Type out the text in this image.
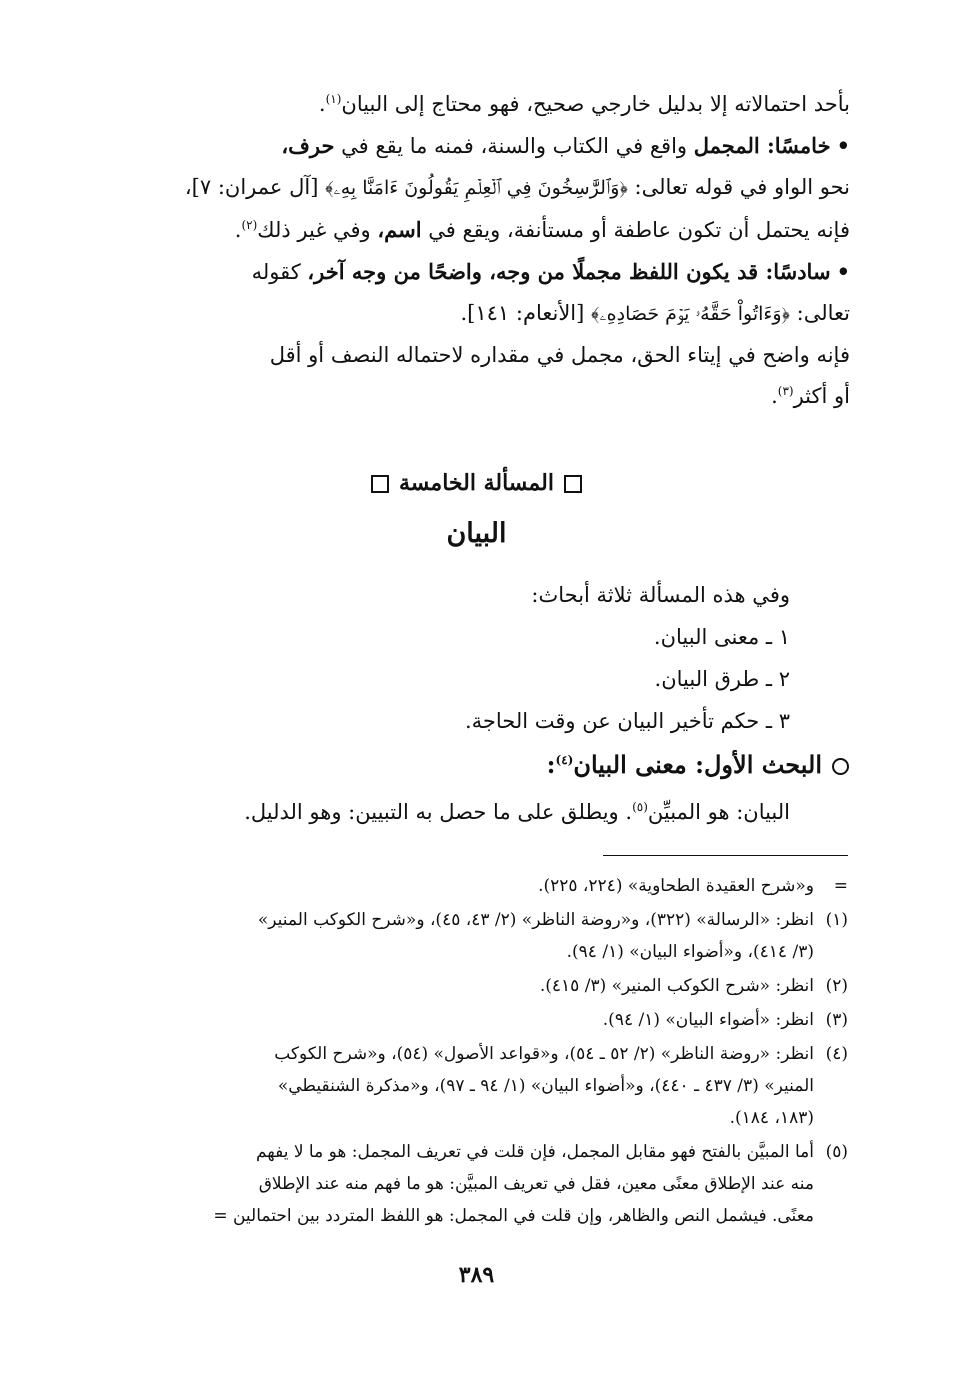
بأحد احتمالاته إلا بدليل خارجي صحيح، فهو محتاج إلى البيان$^{(١)}$.

•خامسًا: المجمل واقع في الكتاب والسنة، فمنه ما يقع في حرف،
نحو الواو في قوله تعالى: ﴿وَٱلرَّٰسِخُونَ فِي ٱلۡعِلۡمِ يَقُولُونَ ءَامَنَّا بِهِۦ﴾ [آل عمران: ٧]،
فإنه يحتمل أن تكون عاطفة أو مستأنفة، ويقع في اسم، وفي غير ذلك$^{(٢)}$.

•سادسًا: قد يكون اللفظ مجملًا من وجه، واضحًا من وجه آخر، كقوله
تعالى: ﴿وَءَاتُواْ حَقَّهُۥ يَوۡمَ حَصَادِهِۦ﴾ [الأنعام: ١٤١].

فإنه واضح في إيتاء الحق، مجمل في مقداره لاحتماله النصف أو أقل
أو أكثر$^{(٣)}$.

المسألة الخامسة
البيان
وفي هذه المسألة ثلاثة أبحاث:
١ ـ معنى البيان.
٢ ـ طرق البيان.
٣ ـ حكم تأخير البيان عن وقت الحاجة.
البحث الأول: معنى البيان$^{(٤)}$:
البيان: هو المبيِّن$^{(٥)}$. ويطلق على ما حصل به التبيين: وهو الدليل.
=
و«شرح العقيدة الطحاوية» (٢٢٤، ٢٢٥).
(١)
انظر: «الرسالة» (٣٢٢)، و«روضة الناظر» (٢/ ٤٣، ٤٥)، و«شرح الكوكب المنير»
(٣/ ٤١٤)، و«أضواء البيان» (١/ ٩٤).
(٢)
انظر: «شرح الكوكب المنير» (٣/ ٤١٥).
(٣)
انظر: «أضواء البيان» (١/ ٩٤).
(٤)
انظر: «روضة الناظر» (٢/ ٥٢ ـ ٥٤)، و«قواعد الأصول» (٥٤)، و«شرح الكوكب
المنير» (٣/ ٤٣٧ ـ ٤٤٠)، و«أضواء البيان» (١/ ٩٤ ـ ٩٧)، و«مذكرة الشنقيطي»
(١٨٣، ١٨٤).
(٥)
أما المبيَّن بالفتح فهو مقابل المجمل، فإن قلت في تعريف المجمل: هو ما لا يفهم
منه عند الإطلاق معنًى معين، فقل في تعريف المبيَّن: هو ما فهم منه عند الإطلاق
معنًى. فيشمل النص والظاهر، وإن قلت في المجمل: هو اللفظ المتردد بين احتمالين =
٣٨٩
